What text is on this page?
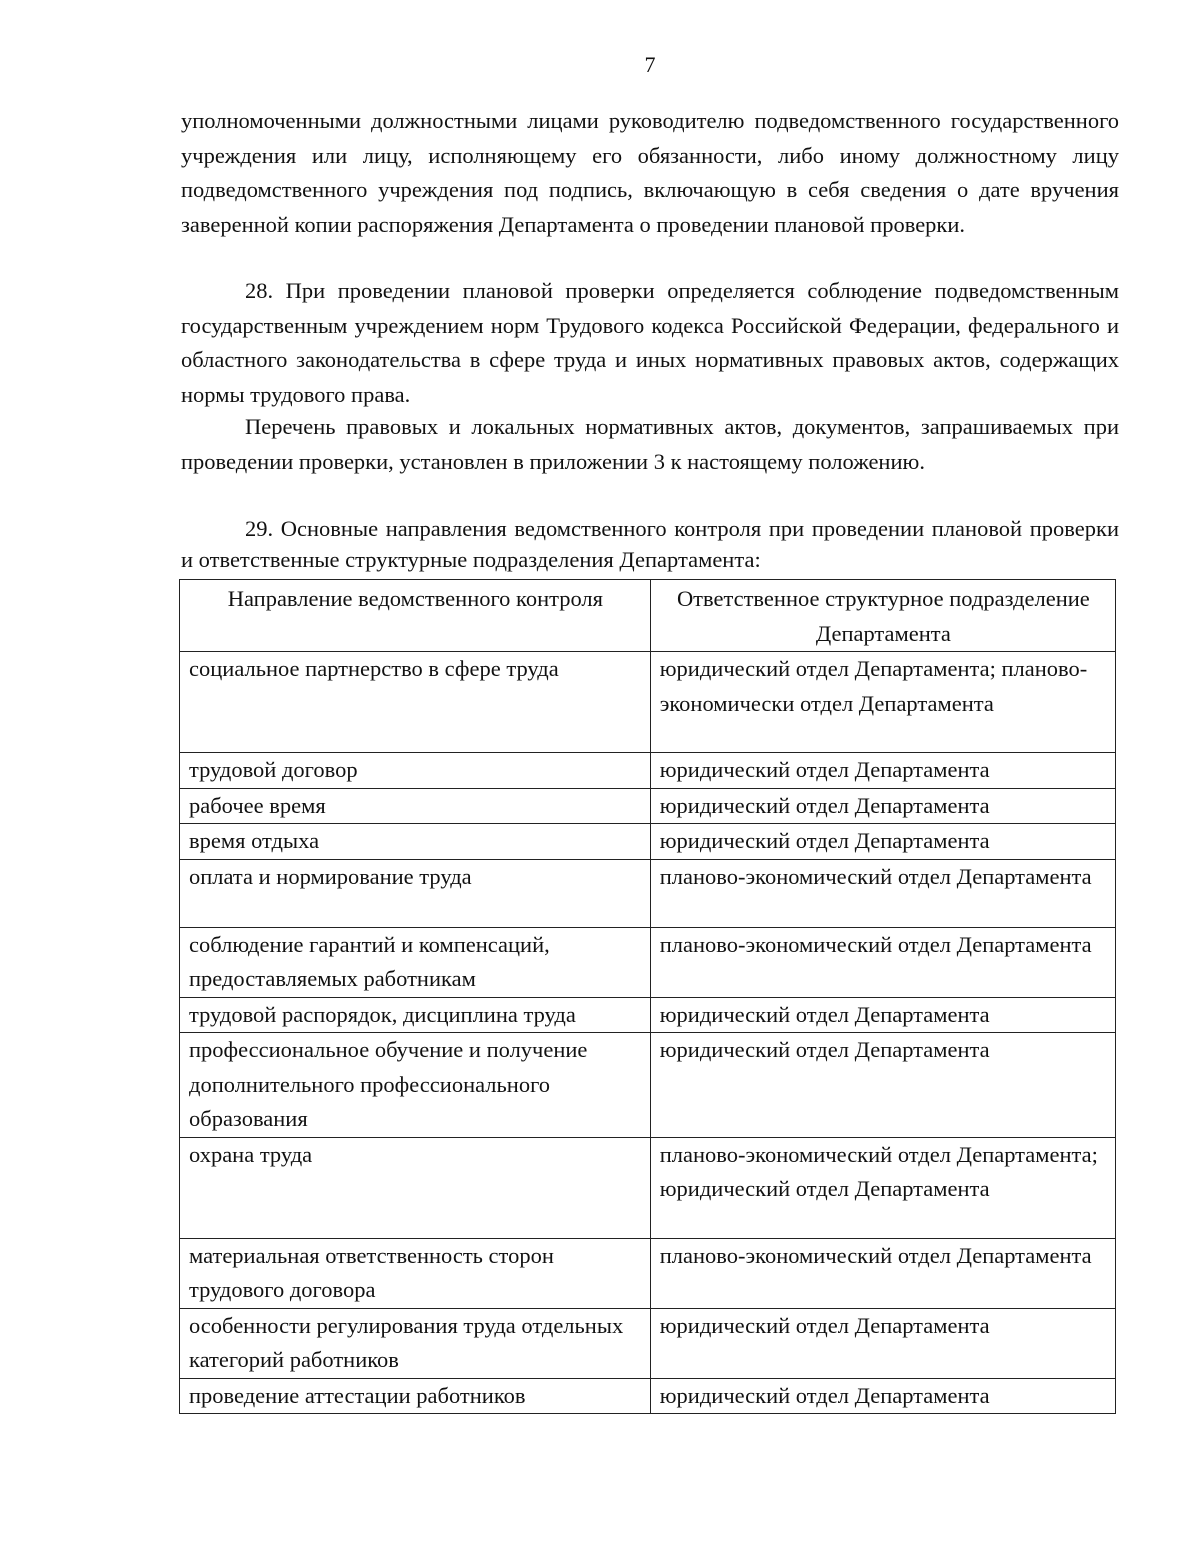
7

уполномоченными должностными лицами руководителю подведомственного государственного учреждения или лицу, исполняющему его обязанности, либо иному должностному лицу подведомственного учреждения под подпись, включающую в себя сведения о дате вручения заверенной копии распоряжения Департамента о проведении плановой проверки.

28. При проведении плановой проверки определяется соблюдение подведомственным государственным учреждением норм Трудового кодекса Российской Федерации, федерального и областного законодательства в сфере труда и иных нормативных правовых актов, содержащих нормы трудового права.

Перечень правовых и локальных нормативных актов, документов, запрашиваемых при проведении проверки, установлен в приложении 3 к настоящему положению.

29. Основные направления ведомственного контроля при проведении плановой проверки и ответственные структурные подразделения Департамента:

Направление ведомственного контроля	Ответственное структурное подразделение Департамента
социальное партнерство в сфере труда	юридический отдел Департамента; планово-экономически отдел Департамента
трудовой договор	юридический отдел Департамента
рабочее время	юридический отдел Департамента
время отдыха	юридический отдел Департамента
оплата и нормирование труда	планово-экономический отдел Департамента
соблюдение гарантий и компенсаций, предоставляемых работникам	планово-экономический отдел Департамента
трудовой распорядок, дисциплина труда	юридический отдел Департамента
профессиональное обучение и получение дополнительного профессионального образования	юридический отдел Департамента
охрана труда	планово-экономический отдел Департамента; юридический отдел Департамента
материальная ответственность сторон трудового договора	планово-экономический отдел Департамента
особенности регулирования труда отдельных категорий работников	юридический отдел Департамента
проведение аттестации работников	юридический отдел Департамента
